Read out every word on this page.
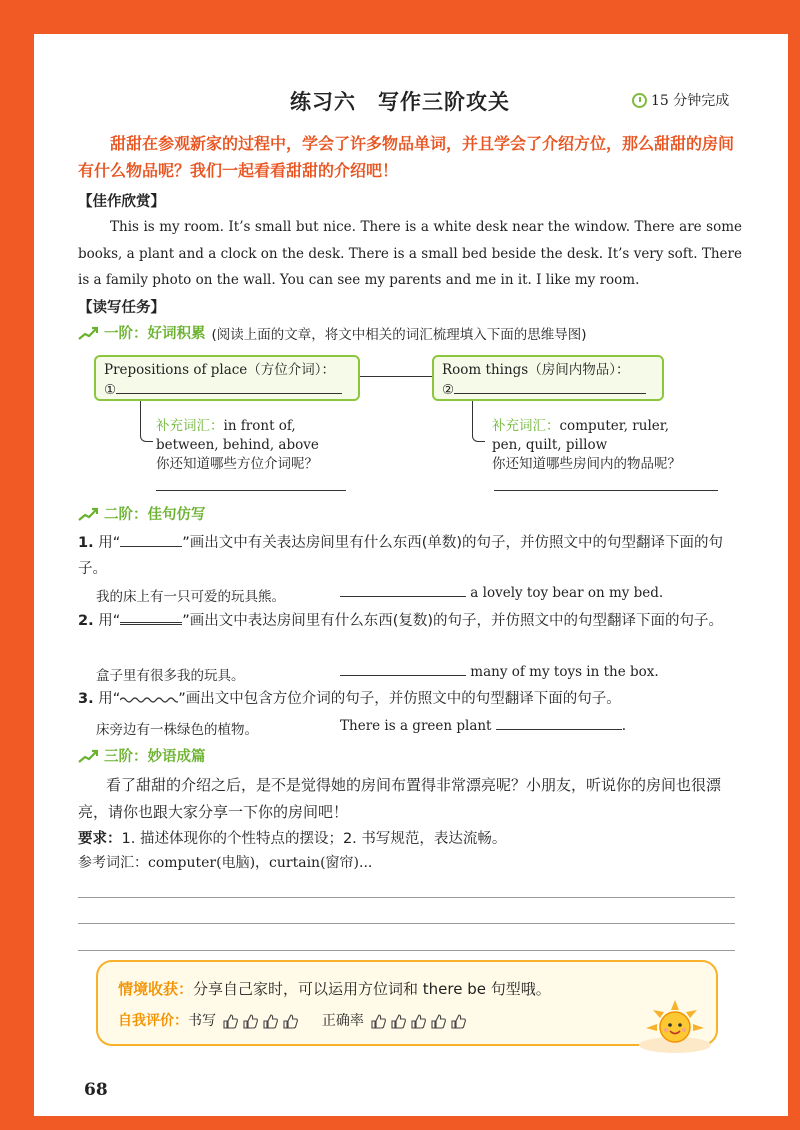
练习六　写作三阶攻关	15 分钟完成
甜甜在参观新家的过程中，学会了许多物品单词，并且学会了介绍方位，那么甜甜的房间有什么物品呢？我们一起看看甜甜的介绍吧！
【佳作欣赏】
This is my room. It’s small but nice. There is a white desk near the window. There are some books, a plant and a clock on the desk. There is a small bed beside the desk. It’s very soft. There is a family photo on the wall. You can see my parents and me in it. I like my room.
【读写任务】
一阶：好词积累 (阅读上面的文章，将文中相关的词汇梳理填入下面的思维导图)
Prepositions of place（方位介词）：
①
Room things（房间内物品）：
②
补充词汇：in front of,
between, behind, above
你还知道哪些方位介词呢？
补充词汇：computer, ruler,
pen, quilt, pillow
你还知道哪些房间内的物品呢？
二阶：佳句仿写
1. 用“	”画出文中有关表达房间里有什么东西(单数)的句子，并仿照文中的句型翻译下面的句子。
我的床上有一只可爱的玩具熊。	a lovely toy bear on my bed.
2. 用“	”画出文中表达房间里有什么东西(复数)的句子，并仿照文中的句型翻译下面的句子。
盒子里有很多我的玩具。	many of my toys in the box.
3. 用“	”画出文中包含方位介词的句子，并仿照文中的句型翻译下面的句子。
床旁边有一株绿色的植物。	There is a green plant	.
三阶：妙语成篇
看了甜甜的介绍之后，是不是觉得她的房间布置得非常漂亮呢？小朋友，听说你的房间也很漂亮，请你也跟大家分享一下你的房间吧！
要求：1. 描述体现你的个性特点的摆设；2. 书写规范，表达流畅。
参考词汇：computer(电脑)，curtain(窗帘)...
情境收获：分享自己家时，可以运用方位词和 there be 句型哦。
自我评价：书写	正确率
68
